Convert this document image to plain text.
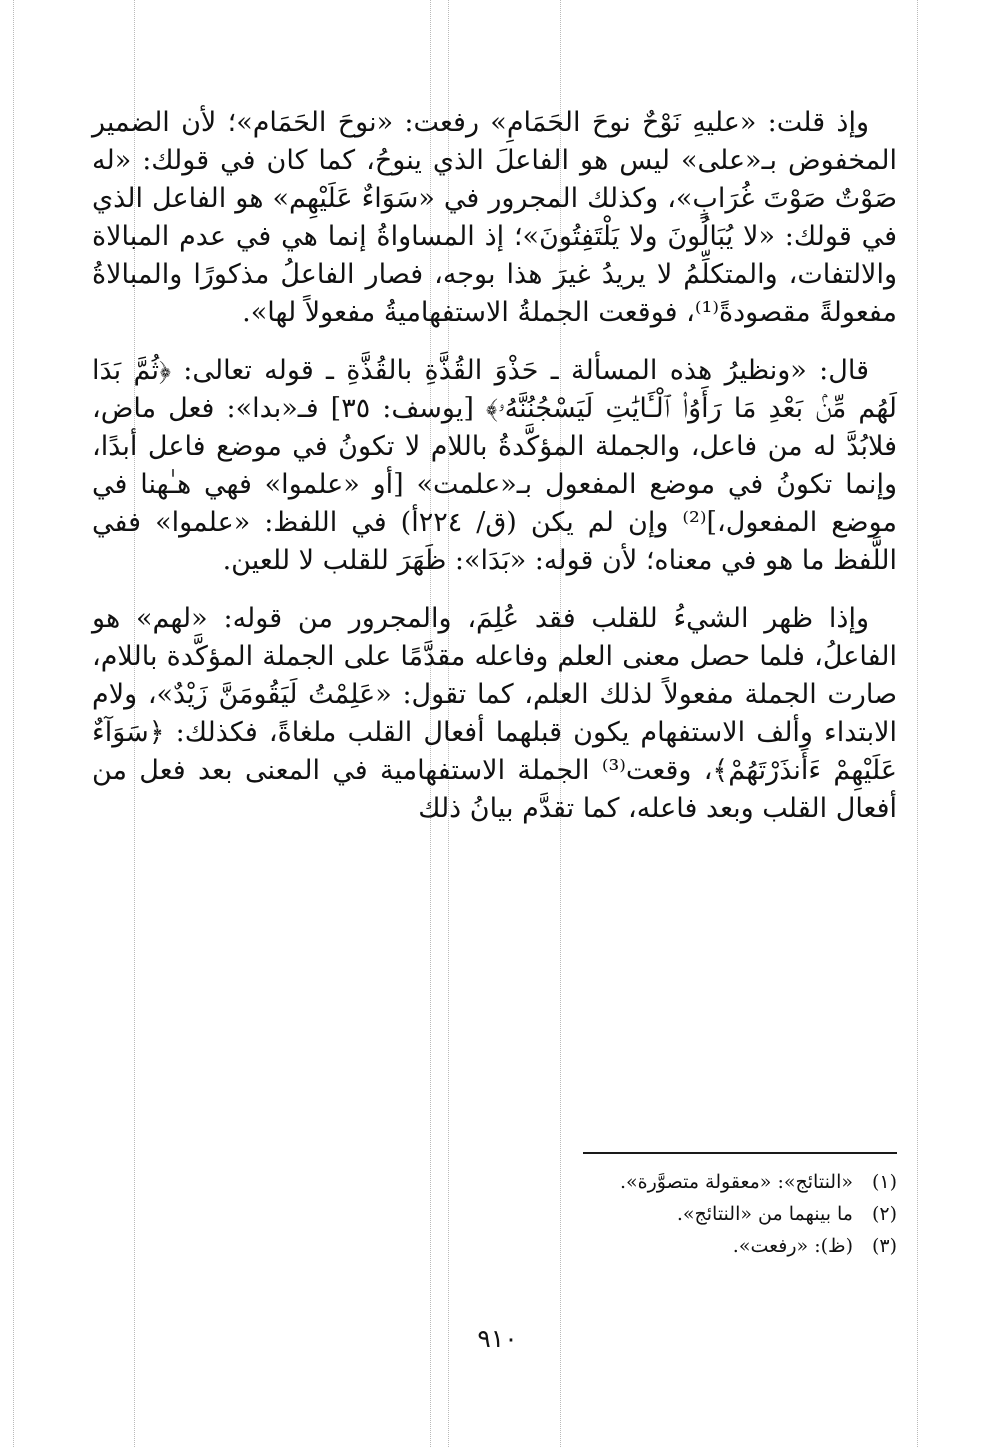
وإذ قلت: «عليهِ نَوْحٌ نوحَ الحَمَامِ» رفعت: «نوحَ الحَمَام»؛ لأن الضمير المخفوض بـ«على» ليس هو الفاعلَ الذي ينوحُ، كما كان في قولك: «له صَوْتٌ صَوْتَ غُرَابٍ»، وكذلك المجرور في «سَوَاءٌ عَلَيْهِم» هو الفاعل الذي في قولك: «لا يُبَالُونَ ولا يَلْتَفِتُونَ»؛ إذ المساواةُ إنما هي في عدم المبالاة والالتفات، والمتكلِّمُ لا يريدُ غيرَ هذا بوجه، فصار الفاعلُ مذكورًا والمبالاةُ مفعولةً مقصودةً⁽¹⁾، فوقعت الجملةُ الاستفهاميةُ مفعولاً لها».

قال: «ونظيرُ هذه المسألة ـ حَذْوَ القُذَّةِ بالقُذَّةِ ـ قوله تعالى: ﴿ثُمَّ بَدَا لَهُم مِّنۢ بَعْدِ مَا رَأَوُا۟ ٱلْـَٔايَٰتِ لَيَسْجُنُنَّهُۥ﴾ [يوسف: ٣٥] فـ«بدا»: فعل ماض، فلابُدَّ له من فاعل، والجملة المؤكَّدةُ باللام لا تكونُ في موضع فاعل أبدًا، وإنما تكونُ في موضع المفعول بـ«علمت» [أو «علموا» فهي هـٰهنا في موضع المفعول،]⁽²⁾ وإن لم يكن (ق/ ٢٢٤أ) في اللفظ: «علموا» ففي اللَّفظ ما هو في معناه؛ لأن قوله: «بَدَا»: ظَهَرَ للقلب لا للعين.

وإذا ظهر الشيءُ للقلب فقد عُلِمَ، والمجرور من قوله: «لهم» هو الفاعلُ، فلما حصل معنى العلم وفاعله مقدَّمًا على الجملة المؤكَّدة باللام، صارت الجملة مفعولاً لذلك العلم، كما تقول: «عَلِمْتُ لَيَقُومَنَّ زَيْدٌ»، ولام الابتداء وألف الاستفهام يكون قبلهما أفعال القلب ملغاةً، فكذلك: ﴿سَوَآءٌ عَلَيْهِمْ ءَأَنذَرْتَهُمْ﴾، وقعت⁽³⁾ الجملة الاستفهامية في المعنى بعد فعل من أفعال القلب وبعد فاعله، كما تقدَّم بيانُ ذلك

(١)«النتائج»: «معقولة متصوَّرة».
(٢)ما بينهما من «النتائج».
(٣)(ظ): «رفعت».
٩١٠
